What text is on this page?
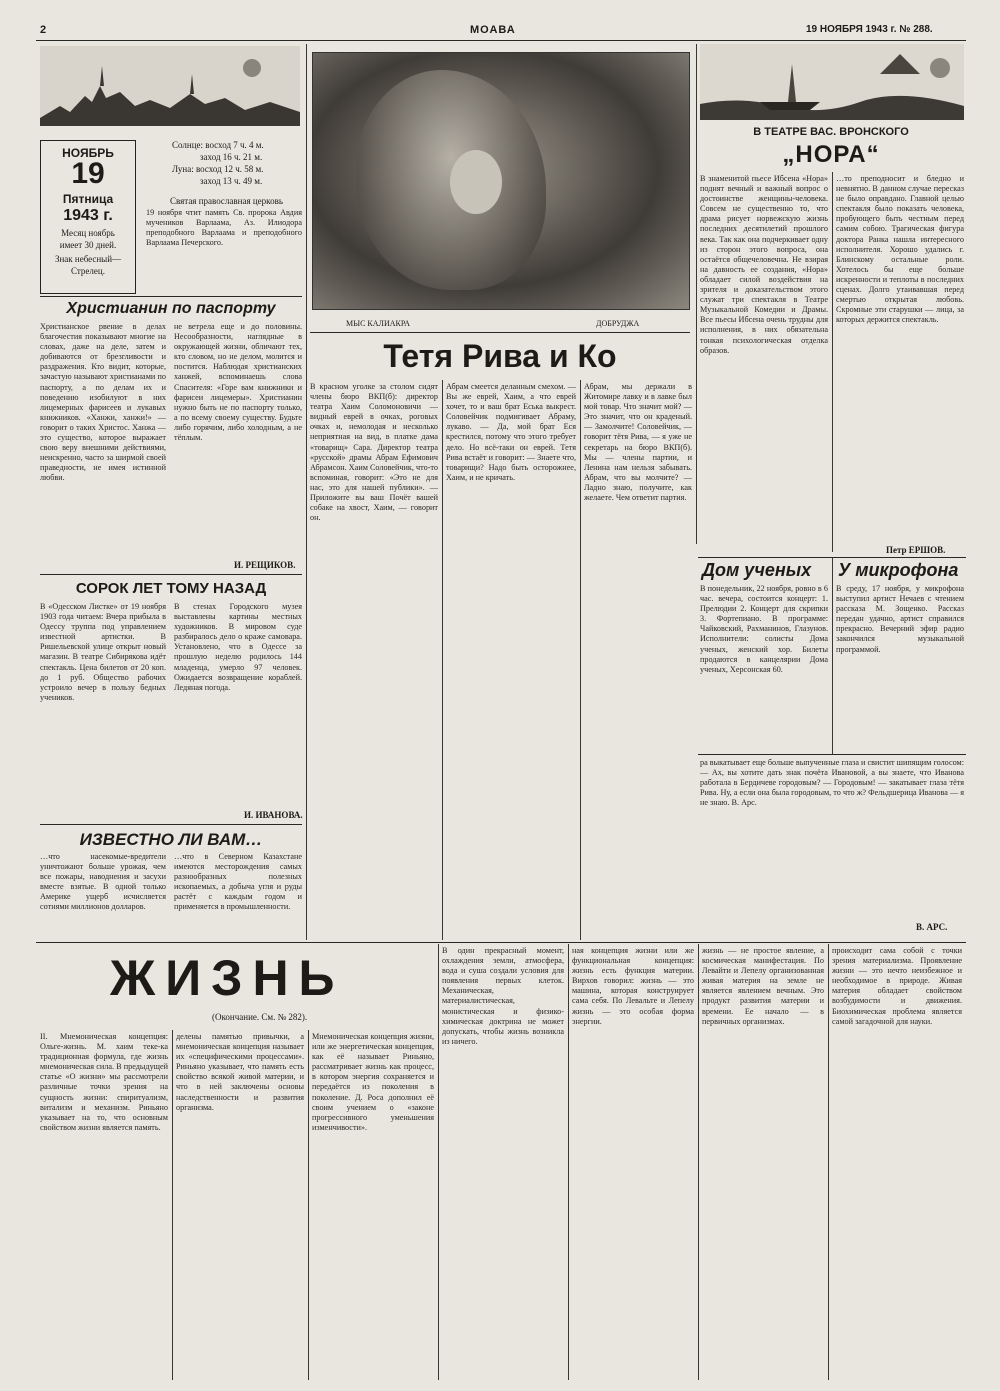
2	МОАВА	19 НОЯБРЯ 1943 г. № 288.
НОЯБРЬ
19
Пятница
1943 г.
Месяц ноябрь
имеет 30 дней.
Знак небесный—
Стрелец.
Солнце: восход 7 ч. 4 м.
заход 16 ч. 21 м.
Луна: восход 12 ч. 58 м.
заход 13 ч. 49 м.
Святая православная церковь
19 ноября чтит память Св. пророка Авдия мучеников Варлаама, Аз. Илиодора преподобного Варлаама и преподобного Варлаама Печерского.
Христианин по паспорту
Христианское рвение в делах благочестия показывают многие на словах, даже на деле, затем и добиваются от брезгливости и раздражения. Кто видит, которые, зачастую называют христианами по паспорту, а по делам их и поведению изобилуют в них лицемерных фарисеев и лукавых книжников. «Ханжи, ханжи!» — говорит о таких Христос. Ханжа — это существо, которое выражает свою веру внешними действиями, неискренно, часто за ширмой своей праведности, не имея истинной любви.
не ветрела еще и до половины. Несообразности, наглядные в окружающей жизни, обличают тех, кто словом, но не делом, молится и постится. Наблюдая христианских ханжей, вспоминаешь слова Спасителя: «Горе вам книжники и фарисеи лицемеры». Христианин нужно быть не по паспорту только, а по всему своему существу. Будьте либо горячим, либо холодным, а не тёплым.
И. РЕЩИКОВ.
СОРОК ЛЕТ ТОМУ НАЗАД
В «Одесском Листке» от 19 ноября 1903 года читаем: Вчера прибыла в Одессу труппа под управлением известной артистки. В Ришельевской улице открыт новый магазин. В театре Сибирякова идёт спектакль. Цена билетов от 20 коп. до 1 руб. Общество рабочих устроило вечер в пользу бедных учеников.
В стенах Городского музея выставлены картины местных художников. В мировом суде разбиралось дело о краже самовара. Установлено, что в Одессе за прошлую неделю родилось 144 младенца, умерло 97 человек. Ожидается возвращение кораблей. Ледяная погода.
И. ИВАНОВА.
ИЗВЕСТНО ЛИ ВАМ…
…что насекомые-вредители уничтожают больше урожая, чем все пожары, наводнения и засухи вместе взятые. В одной только Америке ущерб исчисляется сотнями миллионов долларов.
…что в Северном Казахстане имеются месторождения самых разнообразных полезных ископаемых, а добыча угля и руды растёт с каждым годом и применяется в промышленности.
МЫС КАЛИАКРА	ДОБРУДЖА
Тетя Рива и Ко
В красном уголке за столом сидят члены бюро ВКП(б): директор театра Хаим Соломоновичи — видный еврей в очках, роговых очках и, немолодая и несколько неприятная на вид, в платке дама «товарищ» Сара. Директор театра «русской» драмы Абрам Ефимович Абрамсон. Хаим Соловейчик, что-то вспоминая, говорит: «Это не для нас, это для нашей публики». — Приложите вы ваш Почёт вашей собаке на хвост, Хаим, — говорит он.
Абрам смеется деланным смехом. — Вы же еврей, Хаим, а что еврей хочет, то и ваш брат Еська выкрест. Соловейчик подмигивает Абраму, лукаво. — Да, мой брат Еся крестился, потому что этого требует дело. Но всё-таки он еврей. Тетя Рива встаёт и говорит: — Знаете что, товарищи? Надо быть осторожнее, Хаим, и не кричать.
Абрам, мы держали в Житомире лавку и в лавке был мой товар. Что значит мой? — Это значит, что он краденый. — Замолчите! Соловейчик, — говорит тётя Рива, — я уже не секретарь на бюро ВКП(б). Мы — члены партии, и Ленина нам нельзя забывать. Абрам, что вы молчите? — Ладно знаю, получите, как желаете. Чем ответит партия.
В ТЕАТРЕ ВАС. ВРОНСКОГО
„НОРА“
В знаменитой пьесе Ибсена «Нора» поднят вечный и важный вопрос о достоинстве женщины-человека. Совсем не существенно то, что драма рисует норвежскую жизнь последних десятилетий прошлого века. Так как она подчеркивает одну из сторон этого вопроса, она остаётся общечеловечна. Не взирая на давность ее создания, «Нора» обладает силой воздействия на зрителя и доказательством этого служат три спектакля в Театре Музыкальной Комедии и Драмы. Все пьесы Ибсена очень трудны для исполнения, в них обязательна тонкая психологическая отделка образов.
…то преподносит и бледно и невнятно. В данном случае пересказ не было оправдано. Главной целью спектакля было показать человека, пробующего быть честным перед самим собою. Трагическая фигура доктора Ранка нашла интересного исполнителя. Хорошо удались г. Блинскому остальные роли. Хотелось бы еще больше искренности и теплоты в последних сценах. Долго утаивавшая перед смертью открытая любовь. Скромные эти старушки — лица, за которых держится спектакль.
Петр ЕРШОВ.
Дом ученых
В понедельник, 22 ноября, ровно в 6 час. вечера, состоится концерт: 1. Прелюдии 2. Концерт для скрипки 3. Фортепиано. В программе: Чайковский, Рахманинов, Глазунов. Исполнители: солисты Дома ученых, женский хор. Билеты продаются в канцелярии Дома ученых, Херсонская 60.
У микрофона
В среду, 17 ноября, у микрофона выступил артист Нечаев с чтением рассказа М. Зощенко. Рассказ передан удачно, артист справился прекрасно. Вечерний эфир радио закончился музыкальной программой.
ра выкатывает еще больше выпученные глаза и свистит шипящим голосом: — Ах, вы хотите дать знак почёта Ивановой, а вы знаете, что Иванова работала в Бердичеве городовым? — Городовым! — закатывает глаза тётя Рива. Ну, а если она была городовым, то что ж? Фельдшерица Иванова — я не знаю. В. Арс.
В. АРС.
ЖИЗНЬ
(Окончание. См. № 282).
II. Мнемоническая концепция: Ольге-жизнь. М. хаим теке-ка традиционная формула, где жизнь мнемоническая сила. В предыдущей статье «О жизни» мы рассмотрели различные точки зрения на сущность жизни: спиритуализм, витализм и механизм. Риньяно указывает на то, что основным свойством жизни является память.
делены памятью привычки, а мнемоническая концепция называет их «специфическими процессами». Риньяно указывает, что память есть свойство всякой живой материи, и что в ней заключены основы наследственности и развития организма.
Мнемоническая концепция жизни, или же энергетическая концепция, как её называет Риньяно, рассматривает жизнь как процесс, в котором энергия сохраняется и передаётся из поколения в поколение. Д. Роса дополнил её своим учением о «законе прогрессивного уменьшения изменчивости».
В один прекрасный момент, охлаждения земли, атмосфера, вода и суша создали условия для появления первых клеток. Механическая, материалистическая, монистическая и физико-химическая доктрина не может допускать, чтобы жизнь возникла из ничего.
ная концепция жизни или же функциональная концепция: жизнь есть функция материи. Вирхов говорил: жизнь — это машина, которая конструирует сама себя. По Левальте и Лепелу жизнь — это особая форма энергии.
жизнь — не простое явление, а космическая манифестация. По Левайти и Лепелу организованная живая материя на земле не является явлением вечным. Это продукт развития материи и времени. Ее начало — в первичных организмах.
происходит сама собой с точки зрения материализма. Проявление жизни — это нечто неизбежное и необходимое в природе. Живая материя обладает свойством возбудимости и движения. Биохимическая проблема является самой загадочной для науки.
